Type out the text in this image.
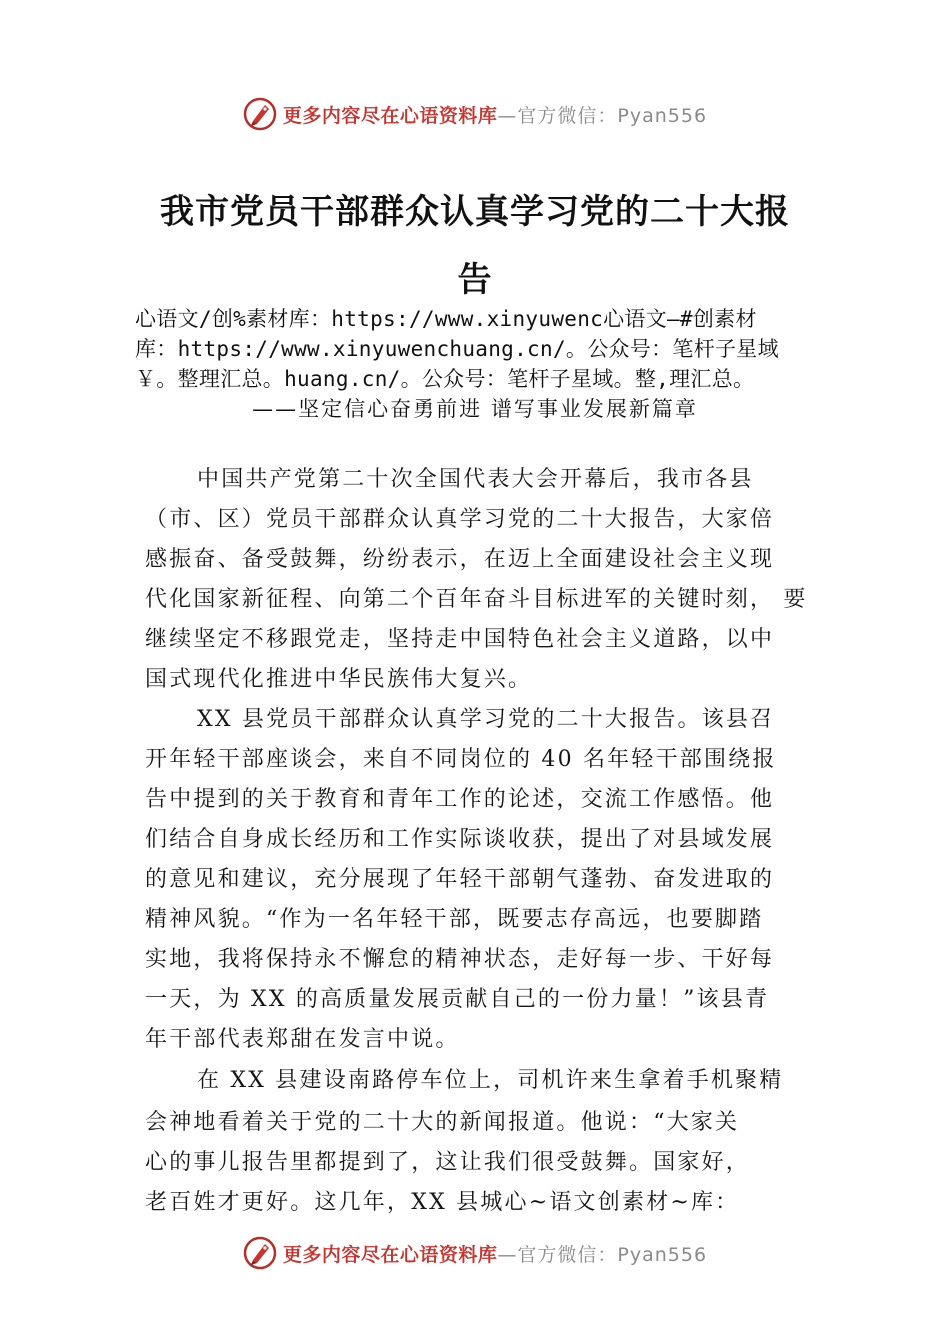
更多内容尽在心语资料库 —官方微信：Pyan556
我市党员干部群众认真学习党的二十大报
告
心语文/创%素材库：https://www.xinyuwenc心语文—#创素材
库：https://www.xinyuwenchuang.cn/。公众号：笔杆子星域
￥。整理汇总。huang.cn/。公众号：笔杆子星域。整,理汇总。
——坚定信心奋勇前进 谱写事业发展新篇章
中国共产党第二十次全国代表大会开幕后，我市各县
（市、区）党员干部群众认真学习党的二十大报告，大家倍
感振奋、备受鼓舞，纷纷表示，在迈上全面建设社会主义现
代化国家新征程、向第二个百年奋斗目标进军的关键时刻， 要
继续坚定不移跟党走，坚持走中国特色社会主义道路，以中
国式现代化推进中华民族伟大复兴。
XX 县党员干部群众认真学习党的二十大报告。该县召
开年轻干部座谈会，来自不同岗位的 40 名年轻干部围绕报
告中提到的关于教育和青年工作的论述，交流工作感悟。他
们结合自身成长经历和工作实际谈收获，提出了对县域发展
的意见和建议，充分展现了年轻干部朝气蓬勃、奋发进取的
精神风貌。“作为一名年轻干部，既要志存高远，也要脚踏
实地，我将保持永不懈怠的精神状态，走好每一步、干好每
一天，为 XX 的高质量发展贡献自己的一份力量！”该县青
年干部代表郑甜在发言中说。
在 XX 县建设南路停车位上，司机许来生拿着手机聚精
会神地看着关于党的二十大的新闻报道。他说：“大家关
心的事儿报告里都提到了，这让我们很受鼓舞。国家好，
老百姓才更好。这几年，XX 县城心~语文创素材~库：
更多内容尽在心语资料库 —官方微信：Pyan556
